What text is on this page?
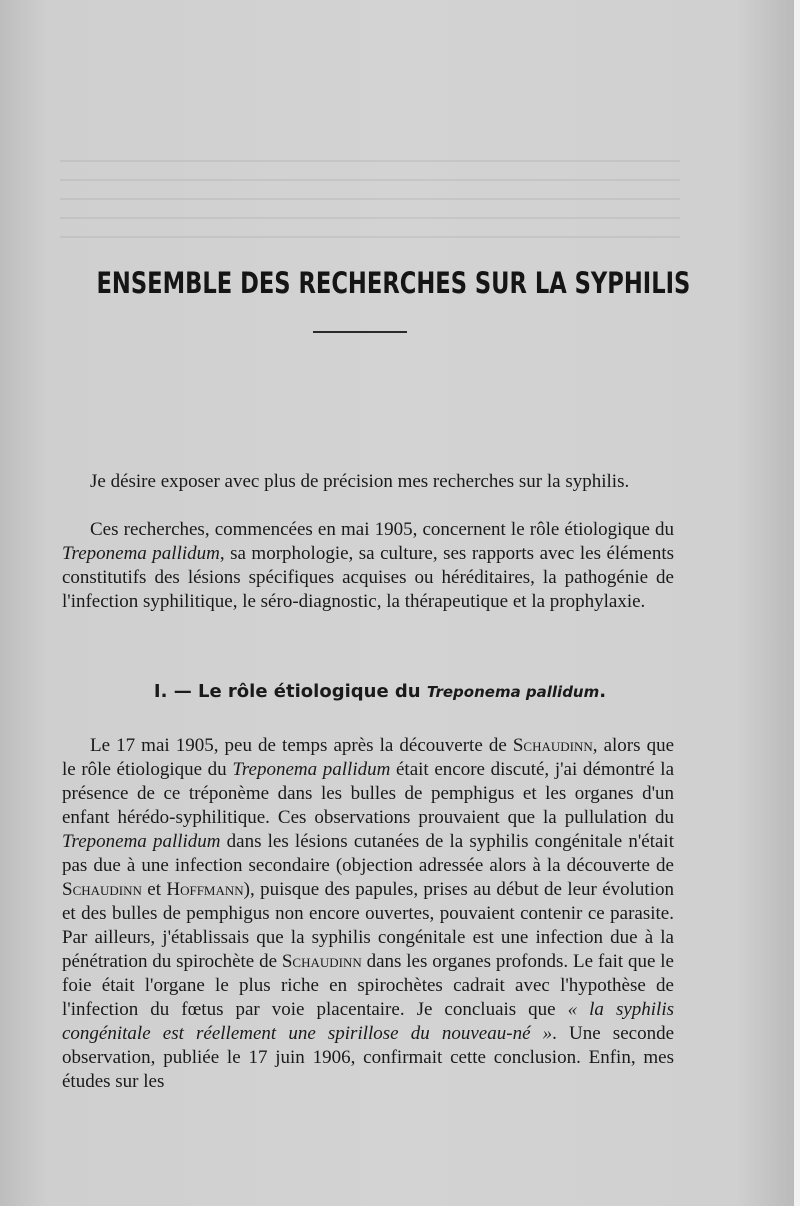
ENSEMBLE DES RECHERCHES SUR LA SYPHILIS

Je désire exposer avec plus de précision mes recherches sur la syphilis.

Ces recherches, commencées en mai 1905, concernent le rôle étiologique du Treponema pallidum, sa morphologie, sa culture, ses rapports avec les éléments constitutifs des lésions spécifiques acquises ou héréditaires, la pathogénie de l'infection syphilitique, le séro-diagnostic, la thérapeutique et la prophylaxie.

I. — Le rôle étiologique du Treponema pallidum.

Le 17 mai 1905, peu de temps après la découverte de Schaudinn, alors que le rôle étiologique du Treponema pallidum était encore discuté, j'ai démontré la présence de ce tréponème dans les bulles de pemphigus et les organes d'un enfant hérédo-syphilitique. Ces observations prouvaient que la pullulation du Treponema pallidum dans les lésions cutanées de la syphilis congénitale n'était pas due à une infection secondaire (objection adressée alors à la découverte de Schaudinn et Hoffmann), puisque des papules, prises au début de leur évolution et des bulles de pemphigus non encore ouvertes, pouvaient contenir ce parasite. Par ailleurs, j'établissais que la syphilis congénitale est une infection due à la pénétration du spirochète de Schaudinn dans les organes profonds. Le fait que le foie était l'organe le plus riche en spirochètes cadrait avec l'hypothèse de l'infection du fœtus par voie placentaire. Je concluais que « la syphilis congénitale est réellement une spirillose du nouveau-né ». Une seconde observation, publiée le 17 juin 1906, confirmait cette conclusion. Enfin, mes études sur les
